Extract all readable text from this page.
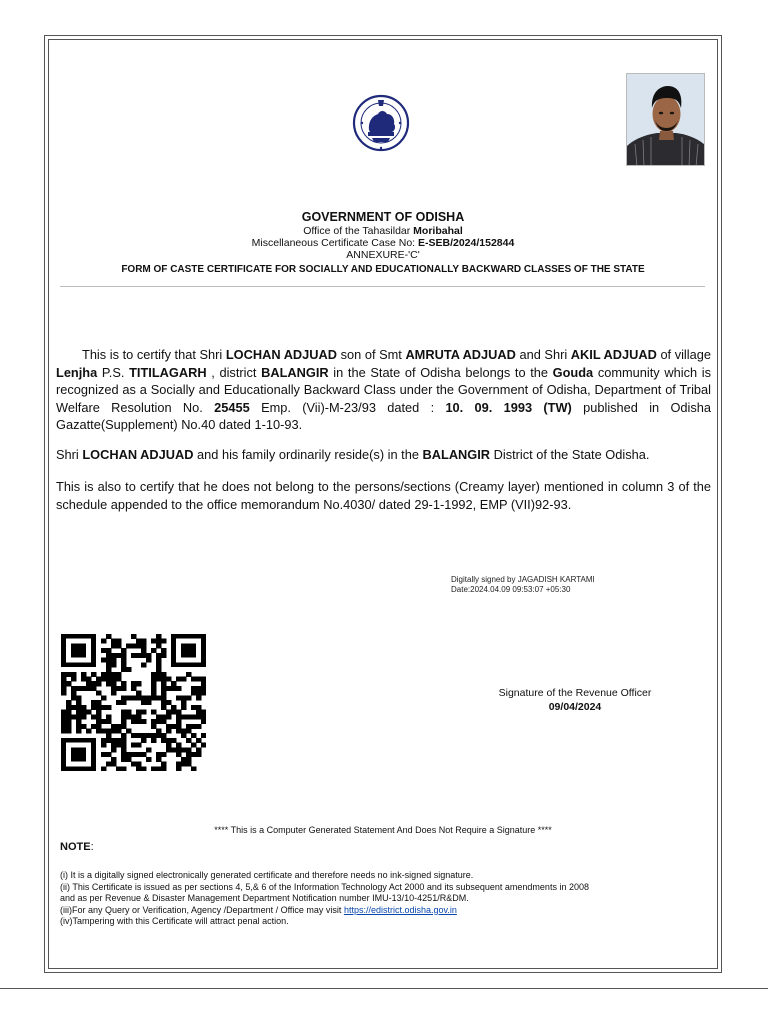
GOVERNMENT OF ODISHA
Office of the Tahasildar Moribahal
Miscellaneous Certificate Case No: E-SEB/2024/152844
ANNEXURE-'C'
FORM OF CASTE CERTIFICATE FOR SOCIALLY AND EDUCATIONALLY BACKWARD CLASSES OF THE STATE
This is to certify that Shri LOCHAN ADJUAD son of Smt AMRUTA ADJUAD and Shri AKIL ADJUAD of village Lenjha P.S. TITILAGARH , district BALANGIR in the State of Odisha belongs to the Gouda community which is recognized as a Socially and Educationally Backward Class under the Government of Odisha, Department of Tribal Welfare Resolution No. 25455 Emp. (Vii)-M-23/93 dated : 10. 09. 1993 (TW) published in Odisha Gazatte(Supplement) No.40 dated 1-10-93.
Shri LOCHAN ADJUAD and his family ordinarily reside(s) in the BALANGIR District of the State Odisha.
This is also to certify that he does not belong to the persons/sections (Creamy layer) mentioned in column 3 of the schedule appended to the office memorandum No.4030/ dated 29-1-1992, EMP (VII)92-93.
Digitally signed by JAGADISH KARTAMI
Date:2024.04.09 09:53:07 +05:30
Signature of the Revenue Officer
09/04/2024
**** This is a Computer Generated Statement And Does Not Require a Signature ****
NOTE:
(i) It is a digitally signed electronically generated certificate and therefore needs no ink-signed signature.
(ii) This Certificate is issued as per sections 4, 5,& 6 of the Information Technology Act 2000 and its subsequent amendments in 2008
and as per Revenue & Disaster Management Department Notification number IMU-13/10-4251/R&DM.
(iii)For any Query or Verification, Agency /Department / Office may visit https://edistrict.odisha.gov.in
(iv)Tampering with this Certificate will attract penal action.
